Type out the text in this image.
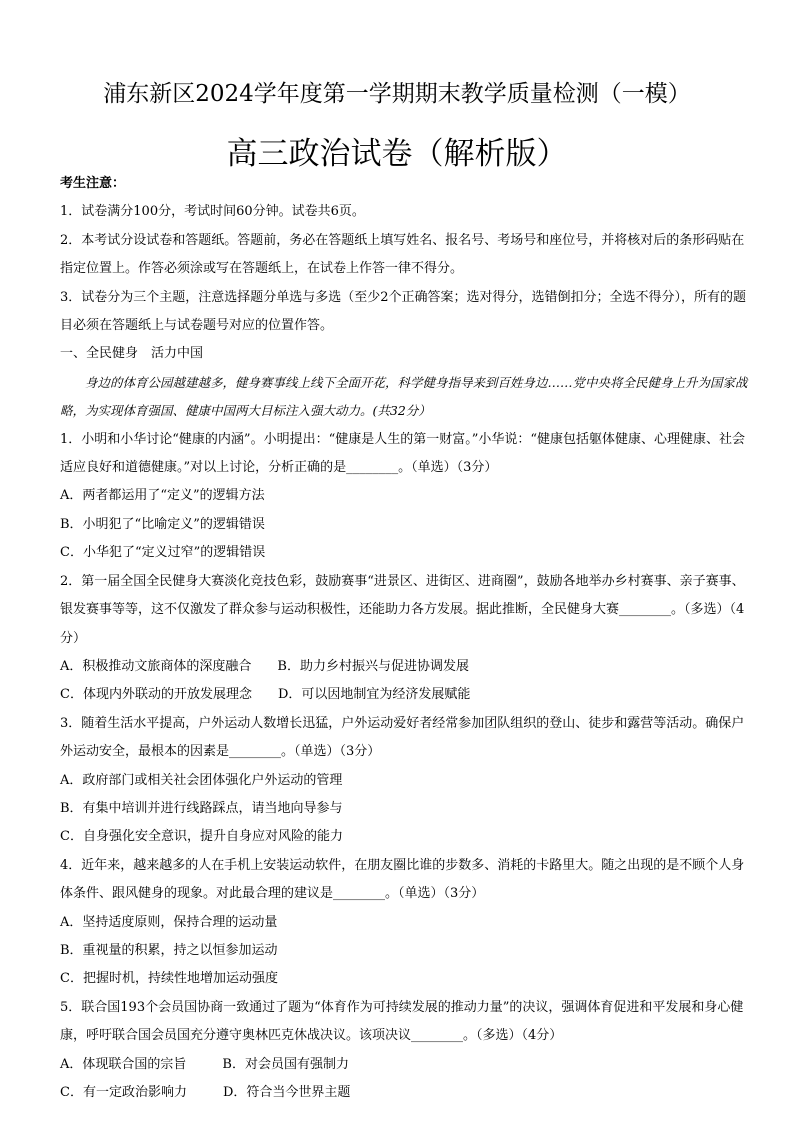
浦东新区2024学年度第一学期期末教学质量检测（一模）
高三政治试卷（解析版）

考生注意：

1．试卷满分100分，考试时间60分钟。试卷共6页。

2．本考试分设试卷和答题纸。答题前，务必在答题纸上填写姓名、报名号、考场号和座位号，并将核对后的条形码贴在指定位置上。作答必须涂或写在答题纸上，在试卷上作答一律不得分。

3．试卷分为三个主题，注意选择题分单选与多选（至少2个正确答案；选对得分，选错倒扣分；全选不得分），所有的题目必须在答题纸上与试卷题号对应的位置作答。

一、全民健身　活力中国

身边的体育公园越建越多，健身赛事线上线下全面开花，科学健身指导来到百姓身边……党中央将全民健身上升为国家战略，为实现体育强国、健康中国两大目标注入强大动力。(共32分）

1．小明和小华讨论“健康的内涵”。小明提出：“健康是人生的第一财富。”小华说：“健康包括躯体健康、心理健康、社会适应良好和道德健康。”对以上讨论，分析正确的是________。（单选）（3分）

A．两者都运用了“定义”的逻辑方法

B．小明犯了“比喻定义”的逻辑错误

C．小华犯了“定义过窄”的逻辑错误

2．第一届全国全民健身大赛淡化竞技色彩，鼓励赛事“进景区、进街区、进商圈”，鼓励各地举办乡村赛事、亲子赛事、银发赛事等等，这不仅激发了群众参与运动积极性，还能助力各方发展。据此推断，全民健身大赛________。（多选）（4分）

A．积极推动文旅商体的深度融合 B．助力乡村振兴与促进协调发展

C．体现内外联动的开放发展理念 D．可以因地制宜为经济发展赋能

3．随着生活水平提高，户外运动人数增长迅猛，户外运动爱好者经常参加团队组织的登山、徒步和露营等活动。确保户外运动安全，最根本的因素是________。（单选）（3分）

A．政府部门或相关社会团体强化户外运动的管理

B．有集中培训并进行线路踩点，请当地向导参与

C．自身强化安全意识，提升自身应对风险的能力

4．近年来，越来越多的人在手机上安装运动软件，在朋友圈比谁的步数多、消耗的卡路里大。随之出现的是不顾个人身体条件、跟风健身的现象。对此最合理的建议是________。（单选）（3分）

A．坚持适度原则，保持合理的运动量

B．重视量的积累，持之以恒参加运动

C．把握时机，持续性地增加运动强度

5．联合国193个会员国协商一致通过了题为“体育作为可持续发展的推动力量”的决议，强调体育促进和平发展和身心健康，呼吁联合国会员国充分遵守奥林匹克休战决议。该项决议________。（多选）（4分）

A．体现联合国的宗旨	B．对会员国有强制力

C．有一定政治影响力	D．符合当今世界主题
